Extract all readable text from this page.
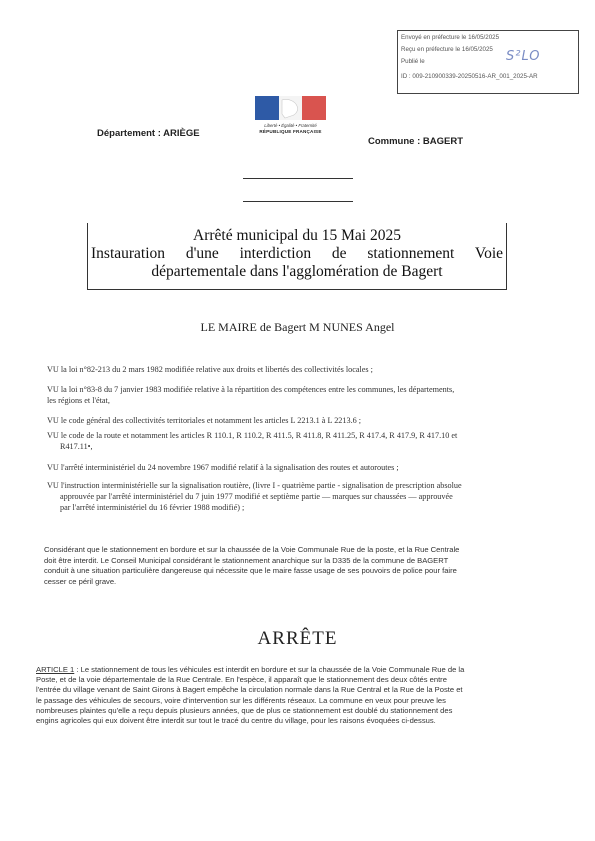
Envoyé en préfecture le 16/05/2025
Reçu en préfecture le 16/05/2025
Publié le
ID : 009-210900339-20250516-AR_001_2025-AR
S²LO
Liberté • Égalité • Fraternité
RÉPUBLIQUE FRANÇAISE
Département : ARIÈGE
Commune : BAGERT
Arrêté municipal du 15 Mai 2025
Instauration d'une interdiction de stationnement Voie
départementale dans l'agglomération de Bagert
LE MAIRE de Bagert M NUNES Angel
VU la loi n°82-213 du 2 mars 1982 modifiée relative aux droits et libertés des collectivités locales ;
VU la loi n°83-8 du 7 janvier 1983 modifiée relative à la répartition des compétences entre les communes, les départements,
les régions et l'état,
VU le code général des collectivités territoriales et notamment les articles L 2213.1 à L 2213.6 ;
VU le code de la route et notamment les articles R 110.1, R 110.2, R 411.5, R 411.8, R 411.25, R 417.4, R 417.9, R 417.10 et
R417.11•,
VU l'arrêté interministériel du 24 novembre 1967 modifié relatif à la signalisation des routes et autoroutes ;
VU l'instruction interministérielle sur la signalisation routière, (livre I - quatrième partie - signalisation de prescription absolue
approuvée par l'arrêté interministériel du 7 juin 1977 modifié et septième partie — marques sur chaussées — approuvée
par l'arrêté interministériel du 16 février 1988 modifié) ;
Considérant que le stationnement en bordure et sur la chaussée de la Voie Communale Rue de la poste, et la Rue Centrale
doit être interdit. Le Conseil Municipal considérant le stationnement anarchique sur la D335 de la commune de BAGERT
conduit à une situation particulière dangereuse qui nécessite que le maire fasse usage de ses pouvoirs de police pour faire
cesser ce péril grave.
ARRÊTE
ARTICLE 1 : Le stationnement de tous les véhicules est interdit en bordure et sur la chaussée de la Voie Communale Rue de la
Poste, et de la voie départementale de la Rue Centrale. En l'espèce, il apparaît que le stationnement des deux côtés entre
l'entrée du village venant de Saint Girons à Bagert empêche la circulation normale dans la Rue Central et la Rue de la Poste et
le passage des véhicules de secours, voire d'intervention sur les différents réseaux. La commune en veux pour preuve les
nombreuses plaintes qu'elle a reçu depuis plusieurs années, que de plus ce stationnement est doublé du stationnement des
engins agricoles qui eux doivent être interdit sur tout le tracé du centre du village, pour les raisons évoquées ci-dessus.
